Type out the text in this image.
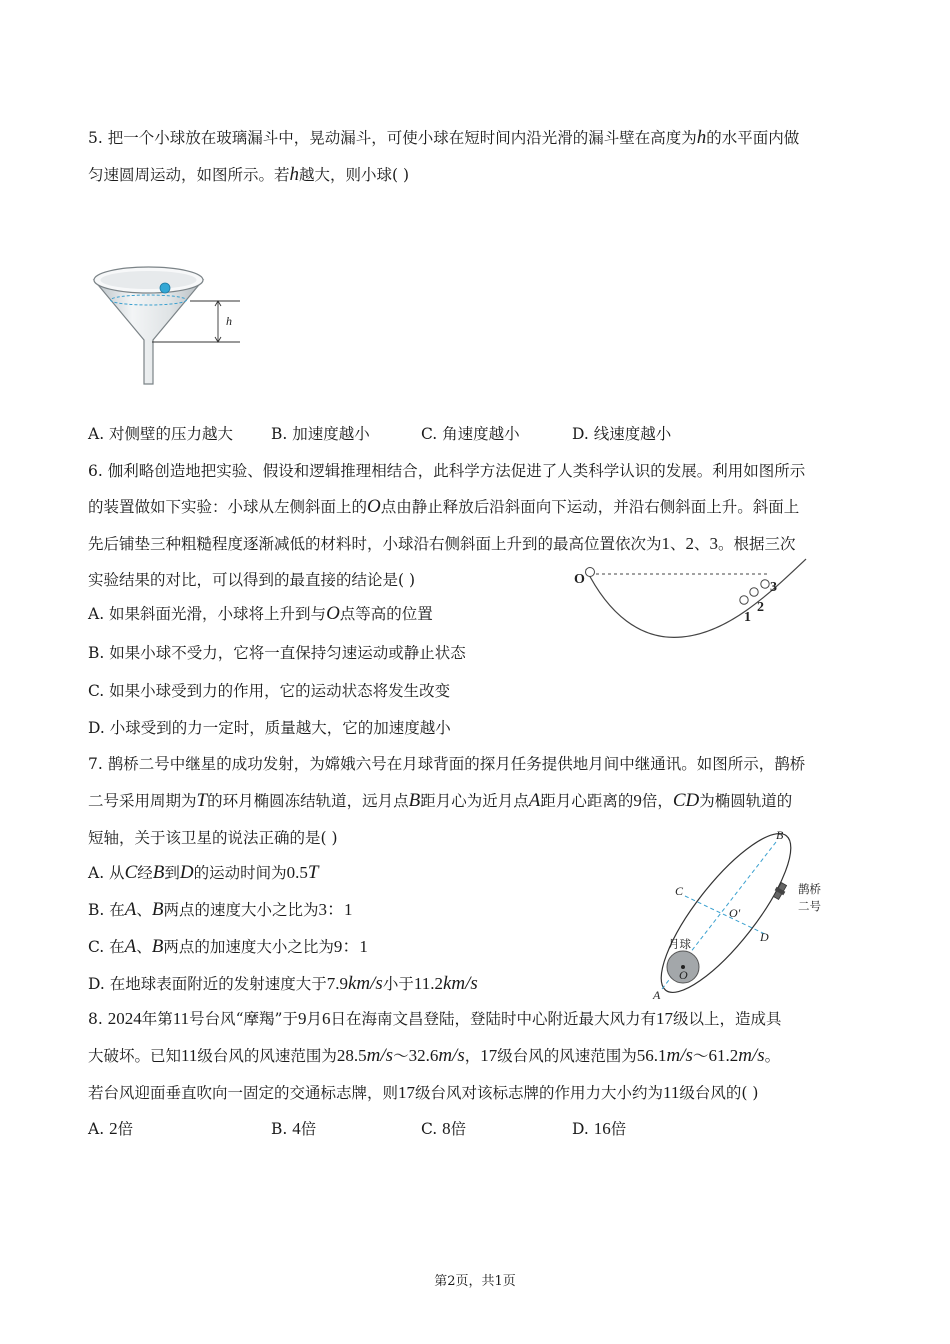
5. 把一个小球放在玻璃漏斗中，晃动漏斗，可使小球在短时间内沿光滑的漏斗壁在高度为h的水平面内做
匀速圆周运动，如图所示。若h越大，则小球( )
h
A. 对侧壁的压力越大 B. 加速度越小	C. 角速度越小	D. 线速度越小
6. 伽利略创造地把实验、假设和逻辑推理相结合，此科学方法促进了人类科学认识的发展。利用如图所示
的装置做如下实验：小球从左侧斜面上的O点由静止释放后沿斜面向下运动，并沿右侧斜面上升。斜面上
先后铺垫三种粗糙程度逐渐减低的材料时，小球沿右侧斜面上升到的最高位置依次为1、2、3。根据三次
实验结果的对比，可以得到的最直接的结论是( )	O
1
2
3
A. 如果斜面光滑，小球将上升到与O点等高的位置
B. 如果小球不受力，它将一直保持匀速运动或静止状态
C. 如果小球受到力的作用，它的运动状态将发生改变
D. 小球受到的力一定时，质量越大，它的加速度越小
7. 鹊桥二号中继星的成功发射，为嫦娥六号在月球背面的探月任务提供地月间中继通讯。如图所示，鹊桥
二号采用周期为T的环月椭圆冻结轨道，远月点B距月心为近月点A距月心距离的9倍，CD为椭圆轨道的
短轴，关于该卫星的说法正确的是( )
A. 从C经B到D的运动时间为0.5T
B. 在A、B两点的速度大小之比为3：1
C. 在A、B两点的加速度大小之比为9：1
D. 在地球表面附近的发射速度大于7.9km/s小于11.2km/s
B
C
O'
D
A
O
月球
鹊桥
二号
8. 2024年第11号台风“摩羯”于9月6日在海南文昌登陆，登陆时中心附近最大风力有17级以上，造成具
大破坏。已知11级台风的风速范围为28.5m/s～32.6m/s，17级台风的风速范围为56.1m/s～61.2m/s。
若台风迎面垂直吹向一固定的交通标志牌，则17级台风对该标志牌的作用力大小约为11级台风的( )
A. 2倍	B. 4倍	C. 8倍	D. 16倍
第2页，共1页
